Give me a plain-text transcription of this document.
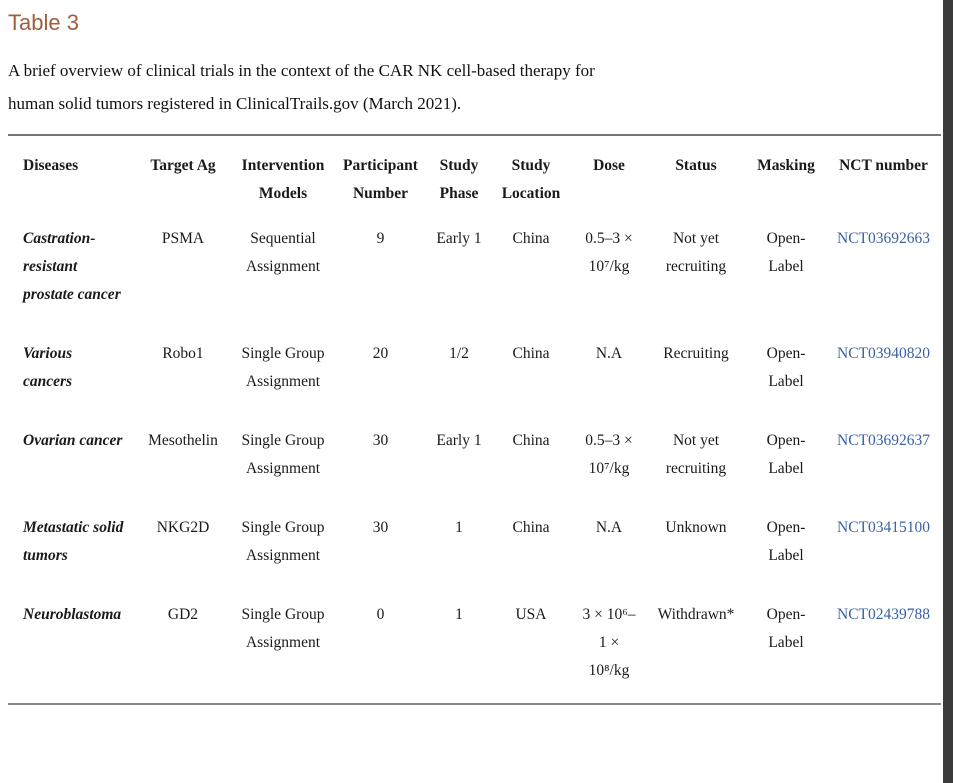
Table 3
A brief overview of clinical trials in the context of the CAR NK cell-based therapy for human solid tumors registered in ClinicalTrails.gov (March 2021).
Diseases	Target Ag	Intervention Models	Participant Number	Study Phase	Study Location	Dose	Status	Masking	NCT number
Castration-resistant prostate cancer	PSMA	Sequential Assignment	9	Early 1	China	0.5–3 × 10⁷/kg	Not yet recruiting	Open-Label	NCT03692663
Various cancers	Robo1	Single Group Assignment	20	1/2	China	N.A	Recruiting	Open-Label	NCT03940820
Ovarian cancer	Mesothelin	Single Group Assignment	30	Early 1	China	0.5–3 × 10⁷/kg	Not yet recruiting	Open-Label	NCT03692637
Metastatic solid tumors	NKG2D	Single Group Assignment	30	1	China	N.A	Unknown	Open-Label	NCT03415100
Neuroblastoma	GD2	Single Group Assignment	0	1	USA	3 × 10⁶–1 × 10⁸/kg	Withdrawn*	Open-Label	NCT02439788
